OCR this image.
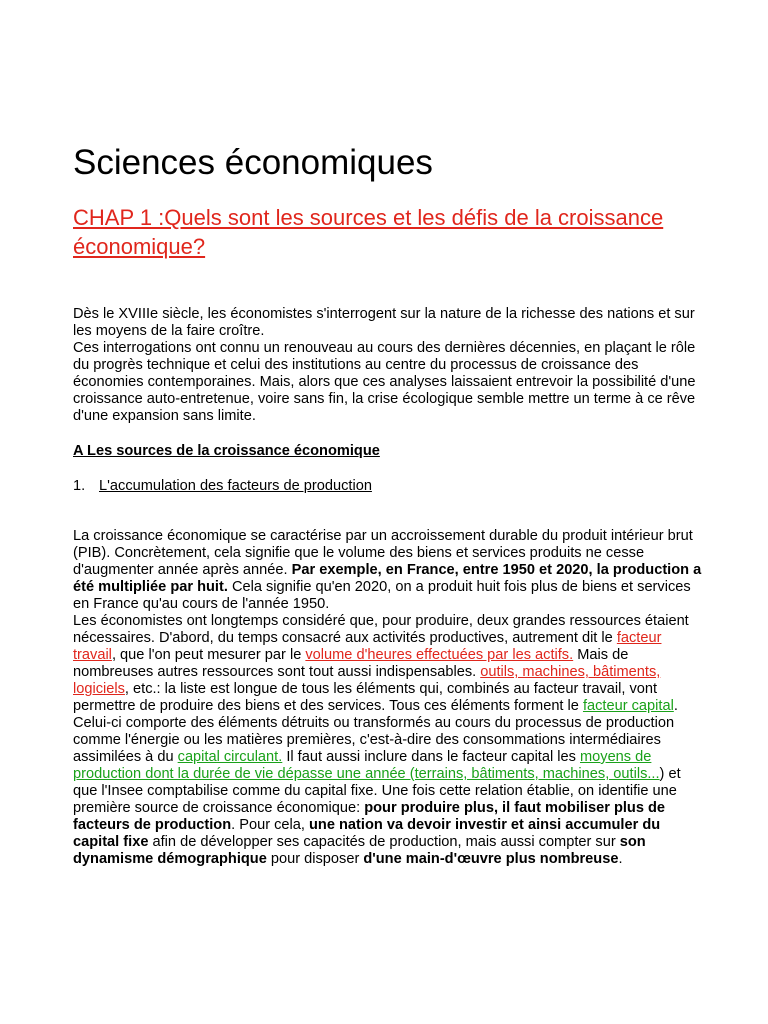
Sciences économiques
CHAP 1 :Quels sont les sources et les défis de la croissance économique?
Dès le XVIIIe siècle, les économistes s'interrogent sur la nature de la richesse des nations et sur les moyens de la faire croître.
Ces interrogations ont connu un renouveau au cours des dernières décennies, en plaçant le rôle du progrès technique et celui des institutions au centre du processus de croissance des économies contemporaines. Mais, alors que ces analyses laissaient entrevoir la possibilité d'une croissance auto-entretenue, voire sans fin, la crise écologique semble mettre un terme à ce rêve d'une expansion sans limite.
A Les sources de la croissance économique
1. L'accumulation des facteurs de production

La croissance économique se caractérise par un accroissement durable du produit intérieur brut (PIB). Concrètement, cela signifie que le volume des biens et services produits ne cesse d'augmenter année après année. Par exemple, en France, entre 1950 et 2020, la production a été multipliée par huit. Cela signifie qu'en 2020, on a produit huit fois plus de biens et services en France qu'au cours de l'année 1950.
Les économistes ont longtemps considéré que, pour produire, deux grandes ressources étaient nécessaires. D'abord, du temps consacré aux activités productives, autrement dit le facteur travail, que l'on peut mesurer par le volume d'heures effectuées par les actifs. Mais de nombreuses autres ressources sont tout aussi indispensables. outils, machines, bâtiments, logiciels, etc.: la liste est longue de tous les éléments qui, combinés au facteur travail, vont permettre de produire des biens et des services. Tous ces éléments forment le facteur capital. Celui-ci comporte des éléments détruits ou transformés au cours du processus de production comme l'énergie ou les matières premières, c'est-à-dire des consommations intermédiaires assimilées à du capital circulant. Il faut aussi inclure dans le facteur capital les moyens de production dont la durée de vie dépasse une année (terrains, bâtiments, machines, outils...) et que l'Insee comptabilise comme du capital fixe. Une fois cette relation établie, on identifie une première source de croissance économique: pour produire plus, il faut mobiliser plus de facteurs de production. Pour cela, une nation va devoir investir et ainsi accumuler du capital fixe afin de développer ses capacités de production, mais aussi compter sur son dynamisme démographique pour disposer d'une main-d'œuvre plus nombreuse.
